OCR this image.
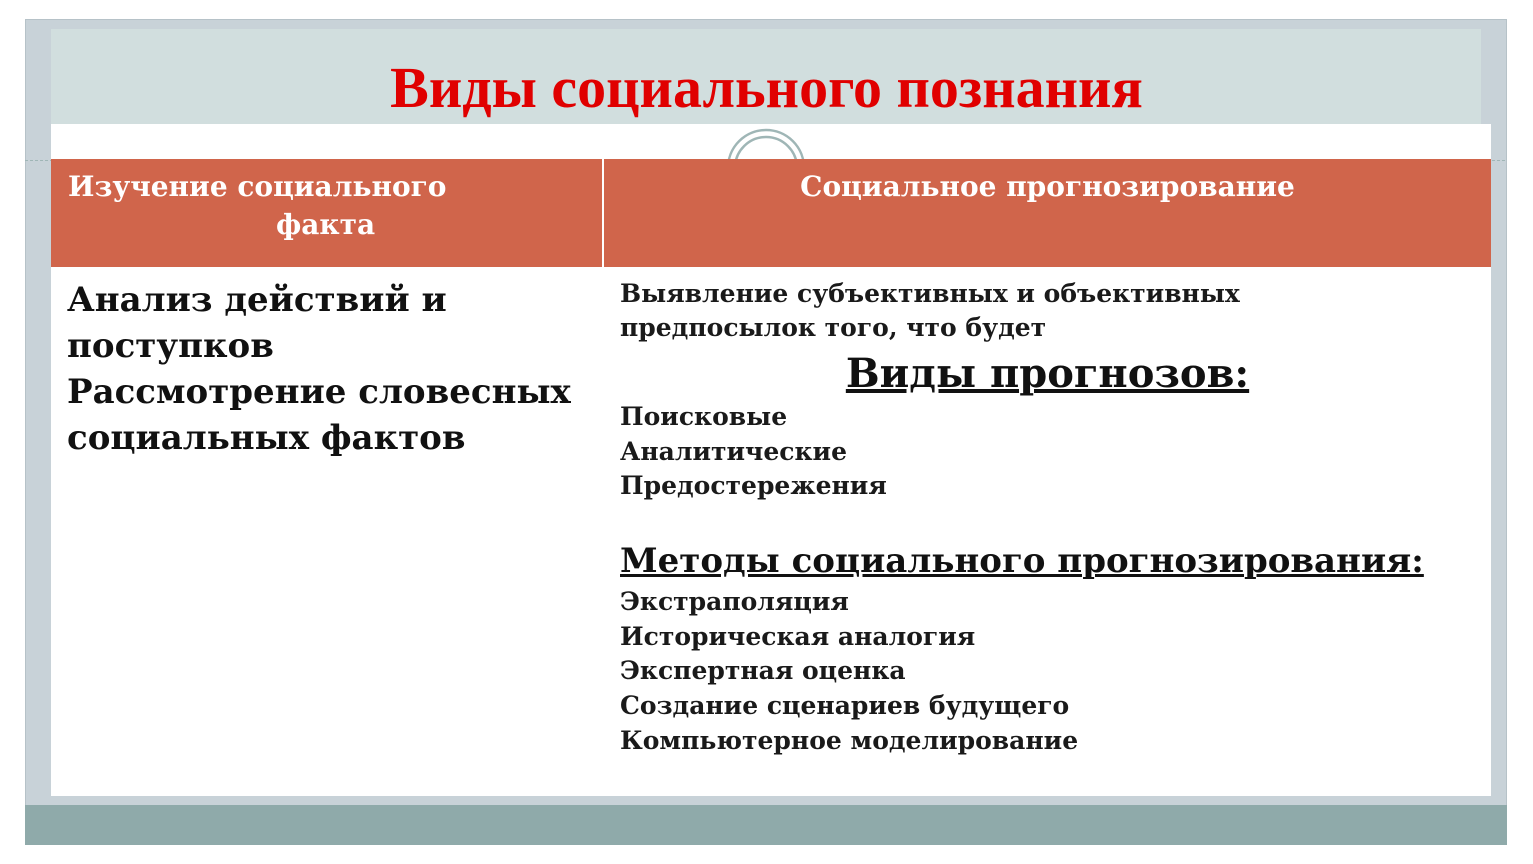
Виды социального познания
Изучение социального
факта
Социальное прогнозирование
Анализ действий и
поступков
Рассмотрение словесных
социальных фактов
Выявление субъективных и объективных
предпосылок того, что будет
Виды прогнозов:
Поисковые
Аналитические
Предостережения
Методы социального прогнозирования:
Экстраполяция
Историческая аналогия
Экспертная оценка
Создание сценариев будущего
Компьютерное моделирование
